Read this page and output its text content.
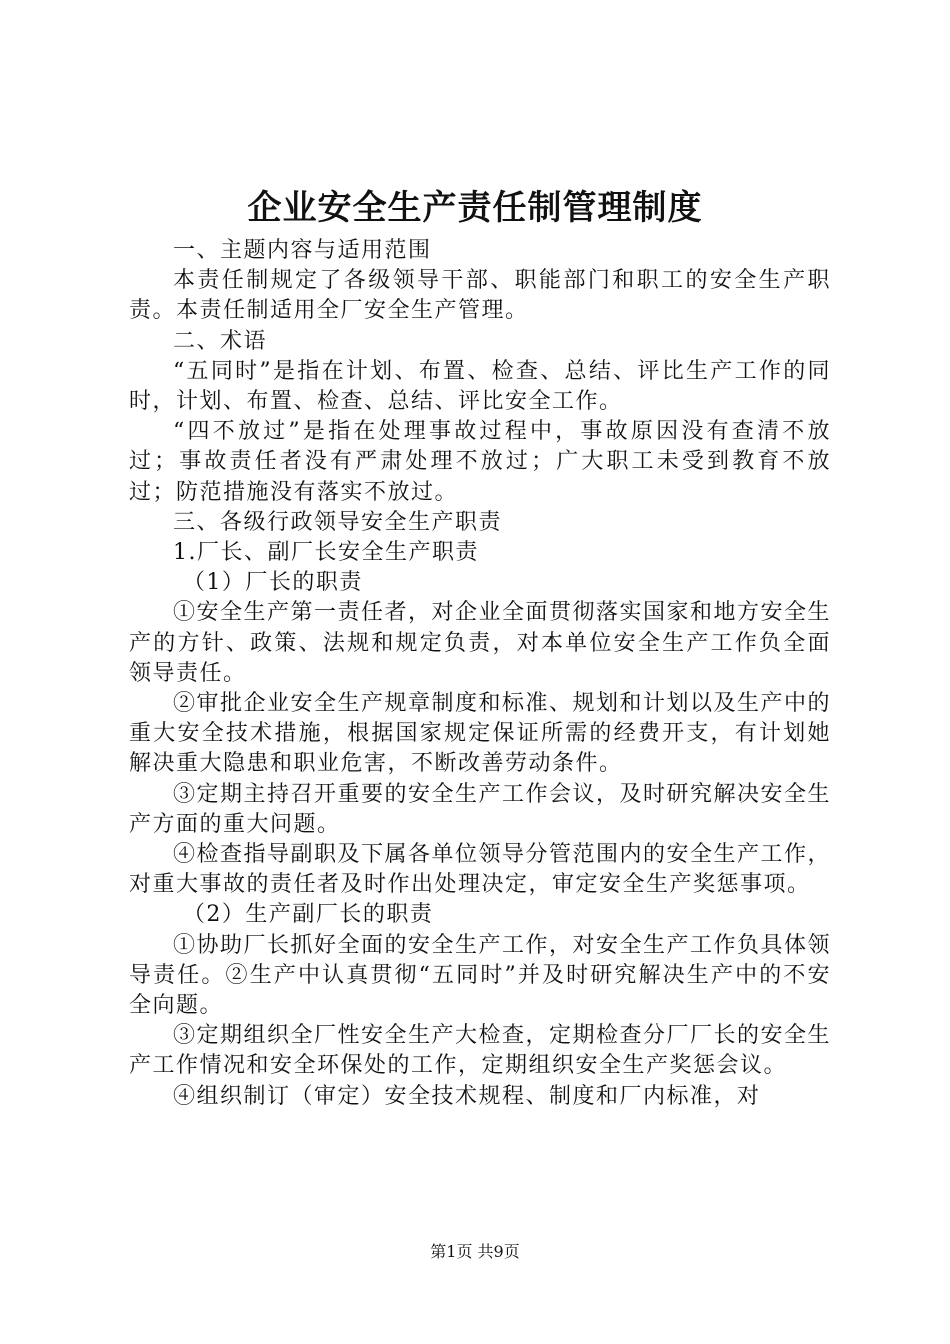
企业安全生产责任制管理制度

一、主题内容与适用范围

本责任制规定了各级领导干部、职能部门和职工的安全生产职责。本责任制适用全厂安全生产管理。

二、术语

“五同时”是指在计划、布置、检查、总结、评比生产工作的同时，计划、布置、检查、总结、评比安全工作。

“四不放过”是指在处理事故过程中，事故原因没有查清不放过；事故责任者没有严肃处理不放过；广大职工未受到教育不放过；防范措施没有落实不放过。

三、各级行政领导安全生产职责

1.厂长、副厂长安全生产职责

（1）厂长的职责

①安全生产第一责任者，对企业全面贯彻落实国家和地方安全生产的方针、政策、法规和规定负责，对本单位安全生产工作负全面领导责任。

②审批企业安全生产规章制度和标准、规划和计划以及生产中的重大安全技术措施，根据国家规定保证所需的经费开支，有计划她解决重大隐患和职业危害，不断改善劳动条件。

③定期主持召开重要的安全生产工作会议，及时研究解决安全生产方面的重大问题。

④检查指导副职及下属各单位领导分管范围内的安全生产工作，对重大事故的责任者及时作出处理决定，审定安全生产奖惩事项。

（2）生产副厂长的职责

①协助厂长抓好全面的安全生产工作，对安全生产工作负具体领导责任。②生产中认真贯彻“五同时”并及时研究解决生产中的不安全向题。

③定期组织全厂性安全生产大检查，定期检查分厂厂长的安全生产工作情况和安全环保处的工作，定期组织安全生产奖惩会议。

④组织制订（审定）安全技术规程、制度和厂内标准，对

第1页 共9页
